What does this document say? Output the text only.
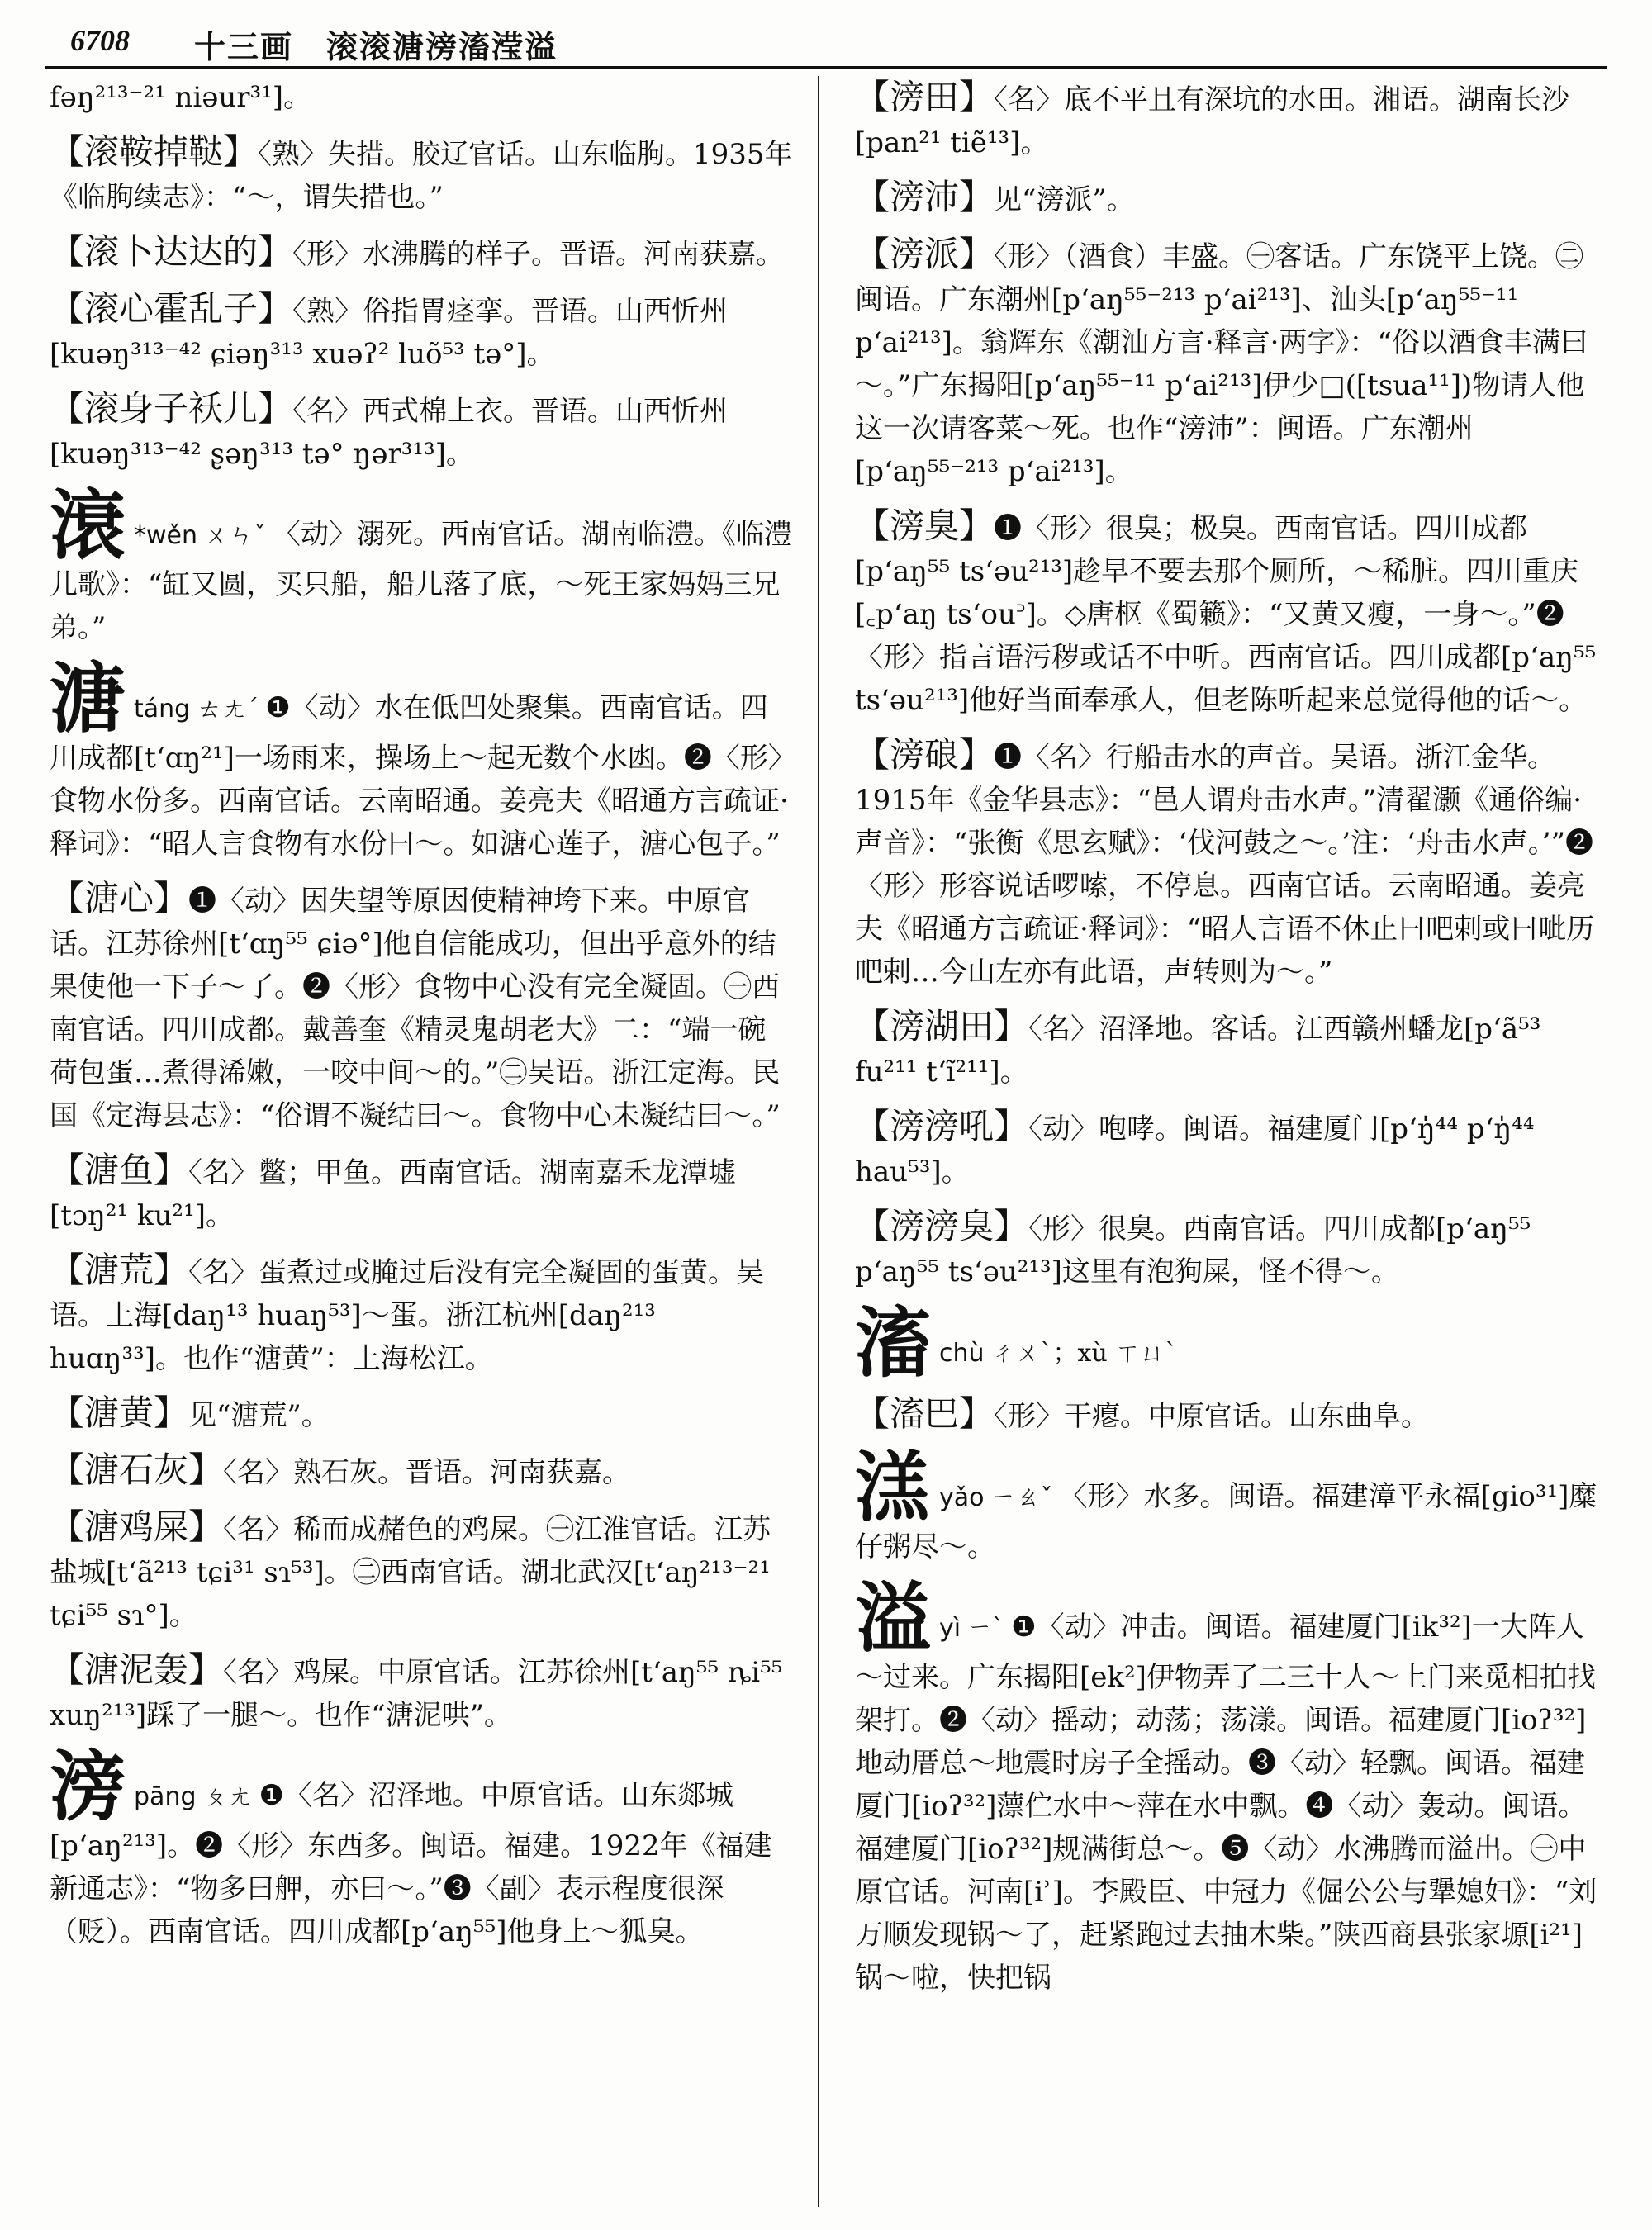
6708 十三画　滚滚溏滂滀滢溢
fəŋ²¹³⁻²¹ niəur³¹]。
【滚鞍掉鞑】〈熟〉失措。胶辽官话。山东临朐。1935年《临朐续志》：“～，谓失措也。”
【滚卜达达的】〈形〉水沸腾的样子。晋语。河南获嘉。
【滚心霍乱子】〈熟〉俗指胃痉挛。晋语。山西忻州[kuəŋ³¹³⁻⁴² ɕiəŋ³¹³ xuəʔ² luõ⁵³ tə°]。
【滚身子袄儿】〈名〉西式棉上衣。晋语。山西忻州[kuəŋ³¹³⁻⁴² ʂəŋ³¹³ tə° ŋər³¹³]。
滖 *wěn ㄨㄣˇ 〈动〉溺死。西南官话。湖南临澧。《临澧儿歌》：“缸又圆，买只船，船儿落了底，～死王家妈妈三兄弟。”
溏táng ㄊㄤˊ ❶〈动〉水在低凹处聚集。西南官话。四川成都[tʻɑŋ²¹]一场雨来，操场上～起无数个水凼。❷〈形〉食物水份多。西南官话。云南昭通。姜亮夫《昭通方言疏证·释词》：“昭人言食物有水份曰～。如溏心莲子，溏心包子。”
【溏心】❶〈动〉因失望等原因使精神垮下来。中原官话。江苏徐州[tʻɑŋ⁵⁵ ɕiə°]他自信能成功，但出乎意外的结果使他一下子～了。❷〈形〉食物中心没有完全凝固。㊀西南官话。四川成都。戴善奎《精灵鬼胡老大》二：“端一碗荷包蛋…煮得浠嫩，一咬中间～的。”㊁吴语。浙江定海。民国《定海县志》：“俗谓不凝结曰～。食物中心未凝结曰～。”
【溏鱼】〈名〉鳖；甲鱼。西南官话。湖南嘉禾龙潭墟[tɔŋ²¹ ku²¹]。
【溏荒】〈名〉蛋煮过或腌过后没有完全凝固的蛋黄。吴语。上海[daŋ¹³ huaŋ⁵³]～蛋。浙江杭州[daŋ²¹³ huɑŋ³³]。也作“溏黄”：上海松江。
【溏黄】见“溏荒”。
【溏石灰】〈名〉熟石灰。晋语。河南获嘉。
【溏鸡屎】〈名〉稀而成赭色的鸡屎。㊀江淮官话。江苏盐城[tʻã²¹³ tɕi³¹ sɿ⁵³]。㊁西南官话。湖北武汉[tʻaŋ²¹³⁻²¹ tɕi⁵⁵ sɿ°]。
【溏泥轰】〈名〉鸡屎。中原官话。江苏徐州[tʻaŋ⁵⁵ ȵi⁵⁵ xuŋ²¹³]踩了一腿～。也作“溏泥哄”。
滂pāng ㄆㄤ ❶〈名〉沼泽地。中原官话。山东郯城[pʻaŋ²¹³]。❷〈形〉东西多。闽语。福建。1922年《福建新通志》：“物多曰舺，亦曰～。”❸〈副〉表示程度很深（贬）。西南官话。四川成都[pʻaŋ⁵⁵]他身上～狐臭。
【滂田】〈名〉底不平且有深坑的水田。湘语。湖南长沙[pan²¹ tiẽ¹³]。
【滂沛】见“滂派”。
【滂派】〈形〉（酒食）丰盛。㊀客话。广东饶平上饶。㊁闽语。广东潮州[pʻaŋ⁵⁵⁻²¹³ pʻai²¹³]、汕头[pʻaŋ⁵⁵⁻¹¹ pʻai²¹³]。翁辉东《潮汕方言·释言·两字》：“俗以酒食丰满曰～。”广东揭阳[pʻaŋ⁵⁵⁻¹¹ pʻai²¹³]伊少□([tsua¹¹])物请人他这一次请客菜～死。也作“滂沛”：闽语。广东潮州[pʻaŋ⁵⁵⁻²¹³ pʻai²¹³]。
【滂臭】❶〈形〉很臭；极臭。西南官话。四川成都[pʻaŋ⁵⁵ tsʻəu²¹³]趁早不要去那个厕所，～稀脏。四川重庆[꜀pʻaŋ tsʻou꜄]。◇唐枢《蜀籁》：“又黄又瘦，一身～。”❷〈形〉指言语污秽或话不中听。西南官话。四川成都[pʻaŋ⁵⁵ tsʻəu²¹³]他好当面奉承人，但老陈听起来总觉得他的话～。
【滂硠】❶〈名〉行船击水的声音。吴语。浙江金华。1915年《金华县志》：“邑人谓舟击水声。”清翟灏《通俗编·声音》：“张衡《思玄赋》：‘伐河鼓之～。’注：‘舟击水声。’”❷〈形〉形容说话啰嗦，不停息。西南官话。云南昭通。姜亮夫《昭通方言疏证·释词》：“昭人言语不休止曰吧剌或曰呲历吧剌…今山左亦有此语，声转则为～。”
【滂湖田】〈名〉沼泽地。客话。江西赣州蟠龙[pʻã⁵³ fu²¹¹ tʻĩ²¹¹]。
【滂滂吼】〈动〉咆哮。闽语。福建厦门[pʻŋ̍⁴⁴ pʻŋ̍⁴⁴ hau⁵³]。
【滂滂臭】〈形〉很臭。西南官话。四川成都[pʻaŋ⁵⁵ pʻaŋ⁵⁵ tsʻəu²¹³]这里有泡狗屎，怪不得～。
滀chù ㄔㄨˋ；xù ㄒㄩˋ
【滀巴】〈形〉干瘪。中原官话。山东曲阜。
溔yǎo ㄧㄠˇ 〈形〉水多。闽语。福建漳平永福[gio³¹]糜仔粥尽～。
溢yì ㄧˋ ❶〈动〉冲击。闽语。福建厦门[ik³²]一大阵人～过来。广东揭阳[ek²]伊物弄了二三十人～上门来觅相拍找架打。❷〈动〉摇动；动荡；荡漾。闽语。福建厦门[ioʔ³²]地动厝总～地震时房子全摇动。❸〈动〉轻飘。闽语。福建厦门[ioʔ³²]薸伫水中～萍在水中飘。❹〈动〉轰动。闽语。福建厦门[ioʔ³²]规满街总～。❺〈动〉水沸腾而溢出。㊀中原官话。河南[iʾ]。李殿臣、中冠力《倔公公与犟媳妇》：“刘万顺发现锅～了，赶紧跑过去抽木柴。”陕西商县张家塬[i²¹]锅～啦，快把锅
